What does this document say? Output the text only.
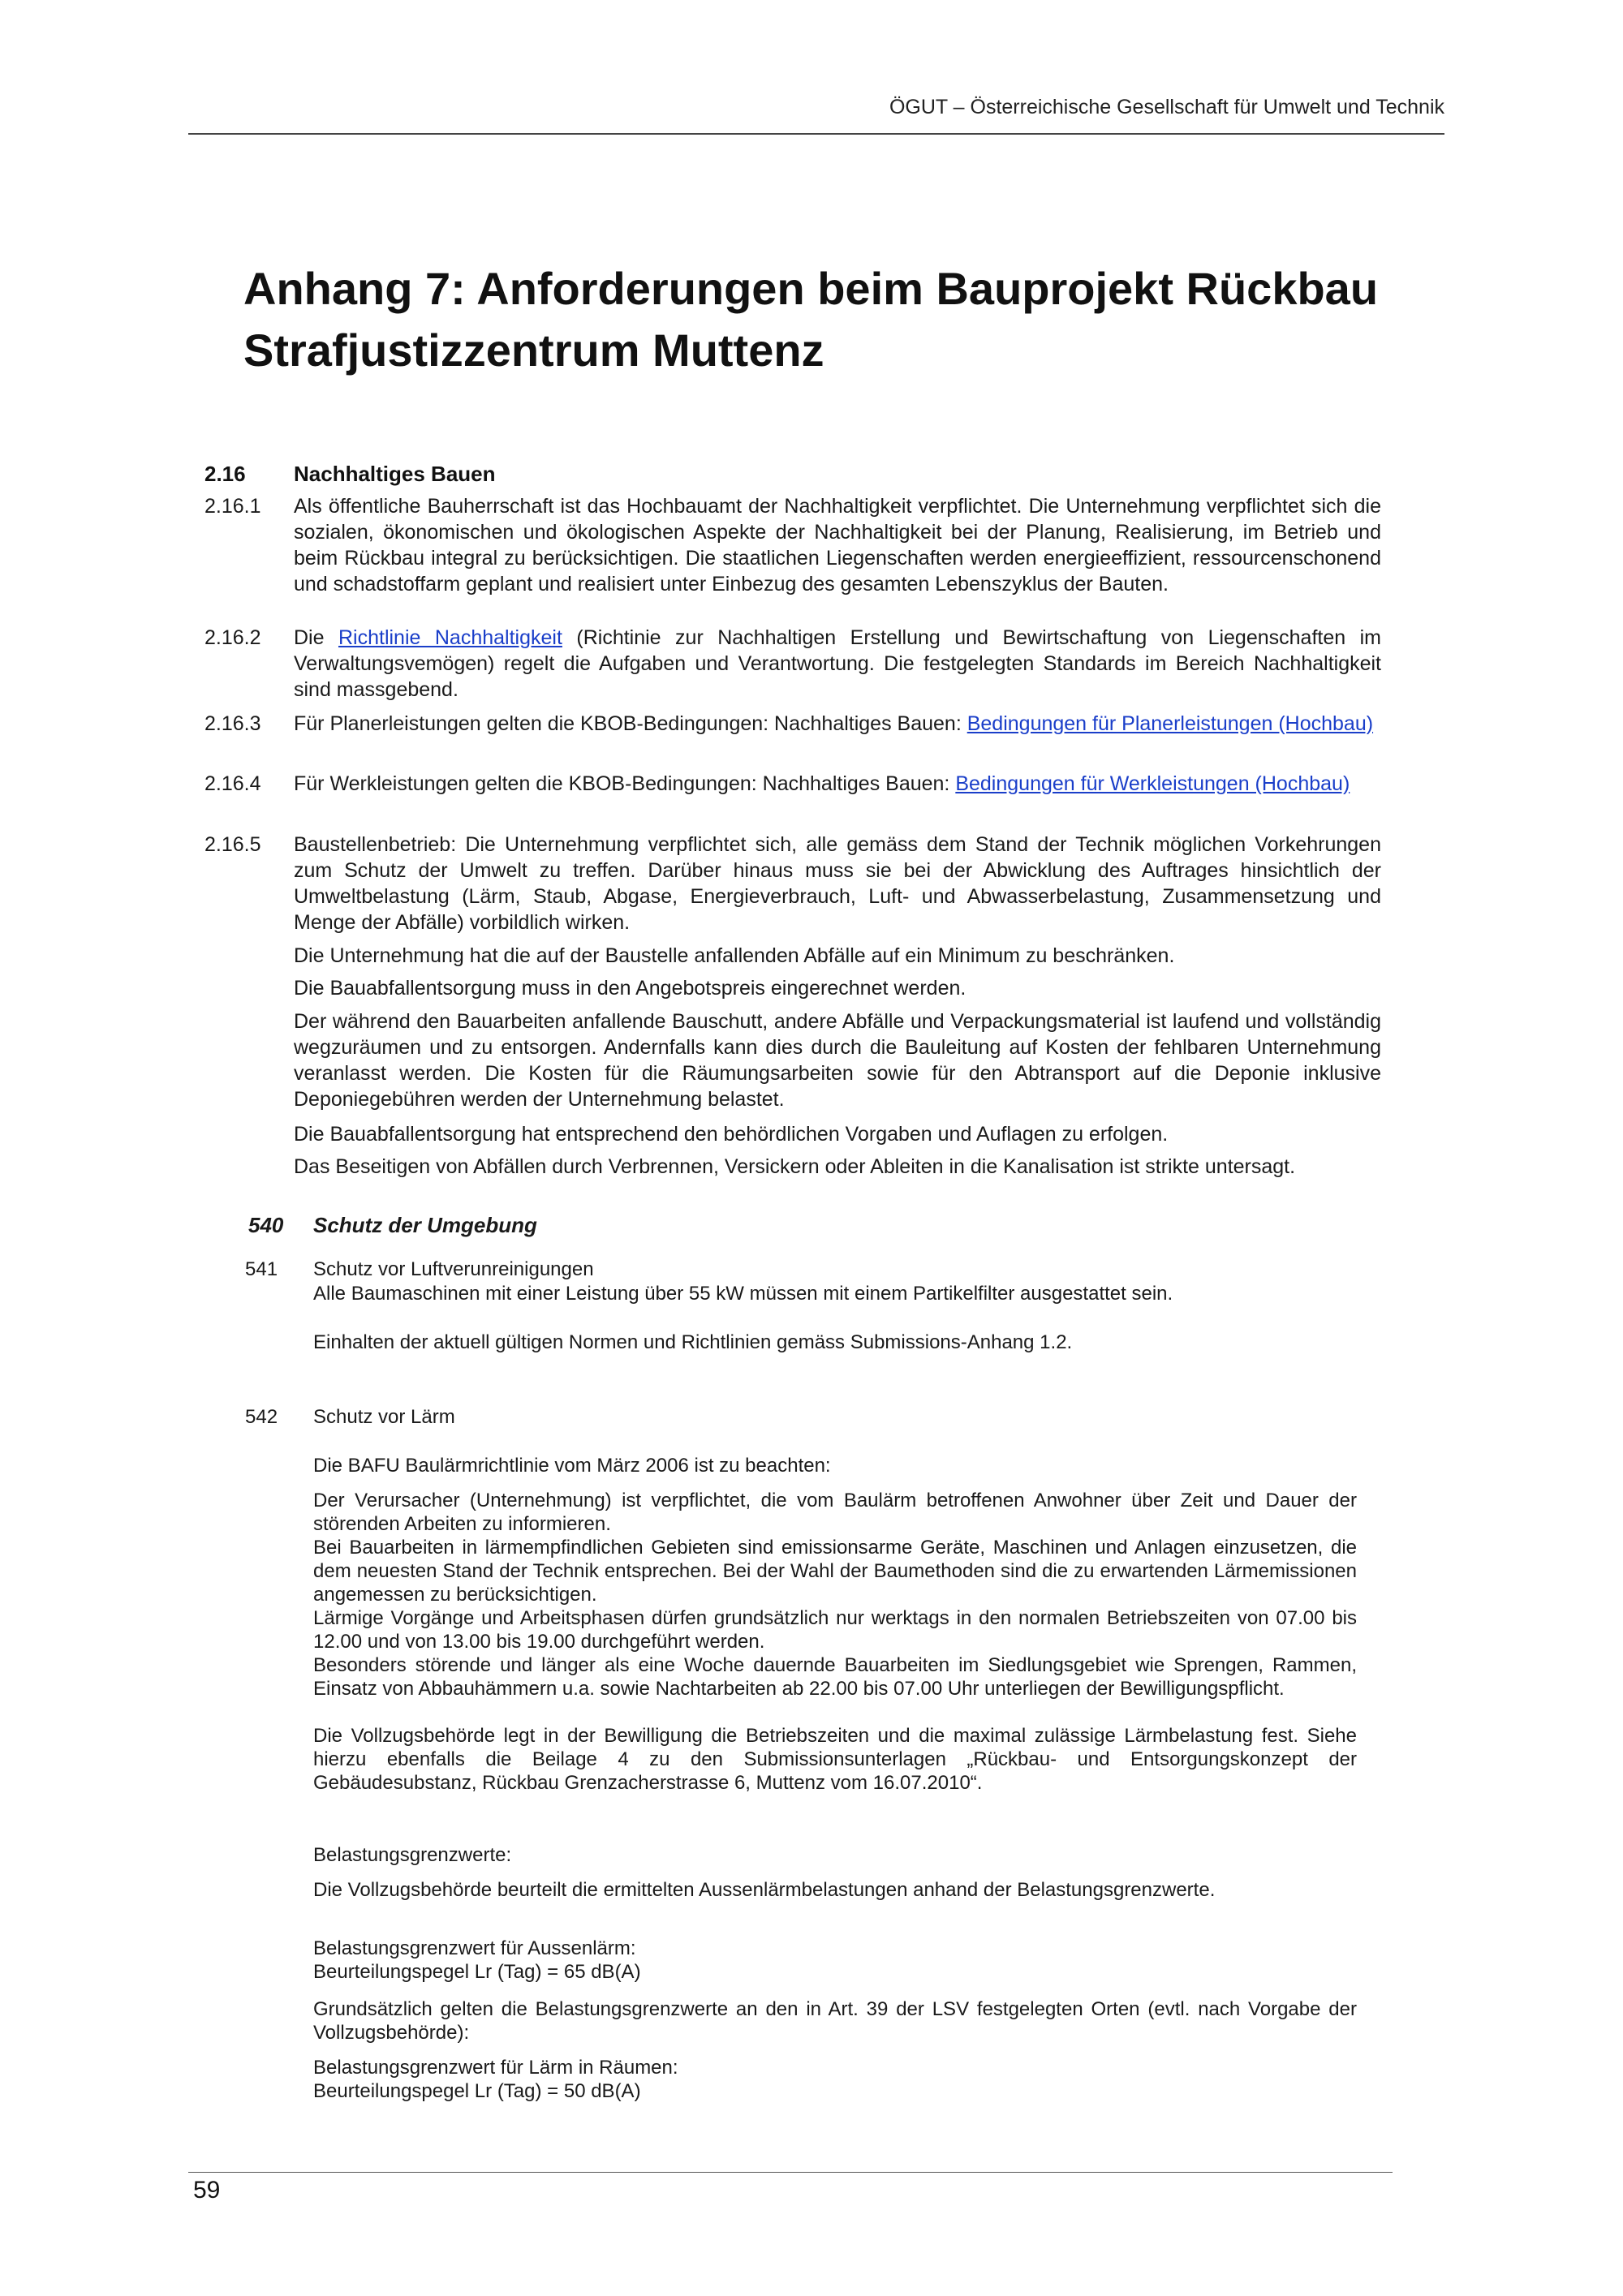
ÖGUT – Österreichische Gesellschaft für Umwelt und Technik
Anhang 7: Anforderungen beim Bauprojekt Rückbau
Strafjustizzentrum Muttenz
2.16 Nachhaltiges Bauen
2.16.1 Als öffentliche Bauherrschaft ist das Hochbauamt der Nachhaltigkeit verpflichtet. Die Unternehmung verpflichtet sich die sozialen, ökonomischen und ökologischen Aspekte der Nachhaltigkeit bei der Planung, Realisierung, im Betrieb und beim Rückbau integral zu berücksichtigen. Die staatlichen Liegenschaften werden energieeffizient, ressourcenschonend und schadstoffarm geplant und realisiert unter Einbezug des gesamten Lebenszyklus der Bauten.
2.16.2 Die Richtlinie Nachhaltigkeit (Richtinie zur Nachhaltigen Erstellung und Bewirtschaftung von Liegenschaften im Verwaltungsvemögen) regelt die Aufgaben und Verantwortung. Die festgelegten Standards im Bereich Nachhaltigkeit sind massgebend.
2.16.3 Für Planerleistungen gelten die KBOB-Bedingungen: Nachhaltiges Bauen: Bedingungen für Planerleistungen (Hochbau)
2.16.4 Für Werkleistungen gelten die KBOB-Bedingungen: Nachhaltiges Bauen: Bedingungen für Werkleistungen (Hochbau)
2.16.5 Baustellenbetrieb: Die Unternehmung verpflichtet sich, alle gemäss dem Stand der Technik möglichen Vorkehrungen zum Schutz der Umwelt zu treffen. Darüber hinaus muss sie bei der Abwicklung des Auftrages hinsichtlich der Umweltbelastung (Lärm, Staub, Abgase, Energieverbrauch, Luft- und Abwasserbelastung, Zusammensetzung und Menge der Abfälle) vorbildlich wirken.
Die Unternehmung hat die auf der Baustelle anfallenden Abfälle auf ein Minimum zu beschränken.
Die Bauabfallentsorgung muss in den Angebotspreis eingerechnet werden.
Der während den Bauarbeiten anfallende Bauschutt, andere Abfälle und Verpackungsmaterial ist laufend und vollständig wegzuräumen und zu entsorgen. Andernfalls kann dies durch die Bauleitung auf Kosten der fehlbaren Unternehmung veranlasst werden. Die Kosten für die Räumungsarbeiten sowie für den Abtransport auf die Deponie inklusive Deponiegebühren werden der Unternehmung belastet.
Die Bauabfallentsorgung hat entsprechend den behördlichen Vorgaben und Auflagen zu erfolgen.
Das Beseitigen von Abfällen durch Verbrennen, Versickern oder Ableiten in die Kanalisation ist strikte untersagt.
540 Schutz der Umgebung
541 Schutz vor Luftverunreinigungen
Alle Baumaschinen mit einer Leistung über 55 kW müssen mit einem Partikelfilter ausgestattet sein.
Einhalten der aktuell gültigen Normen und Richtlinien gemäss Submissions-Anhang 1.2.
542 Schutz vor Lärm
Die BAFU Baulärmrichtlinie vom März 2006 ist zu beachten:
Der Verursacher (Unternehmung) ist verpflichtet, die vom Baulärm betroffenen Anwohner über Zeit und Dauer der störenden Arbeiten zu informieren.
Bei Bauarbeiten in lärmempfindlichen Gebieten sind emissionsarme Geräte, Maschinen und Anlagen einzusetzen, die dem neuesten Stand der Technik entsprechen. Bei der Wahl der Baumethoden sind die zu erwartenden Lärmemissionen angemessen zu berücksichtigen.
Lärmige Vorgänge und Arbeitsphasen dürfen grundsätzlich nur werktags in den normalen Betriebszeiten von 07.00 bis 12.00 und von 13.00 bis 19.00 durchgeführt werden.
Besonders störende und länger als eine Woche dauernde Bauarbeiten im Siedlungsgebiet wie Sprengen, Rammen, Einsatz von Abbauhämmern u.a. sowie Nachtarbeiten ab 22.00 bis 07.00 Uhr unterliegen der Bewilligungspflicht.
Die Vollzugsbehörde legt in der Bewilligung die Betriebszeiten und die maximal zulässige Lärmbelastung fest. Siehe hierzu ebenfalls die Beilage 4 zu den Submissionsunterlagen „Rückbau- und Entsorgungskonzept der Gebäudesubstanz, Rückbau Grenzacherstrasse 6, Muttenz vom 16.07.2010“.
Belastungsgrenzwerte:
Die Vollzugsbehörde beurteilt die ermittelten Aussenlärmbelastungen anhand der Belastungsgrenzwerte.
Belastungsgrenzwert für Aussenlärm:
Beurteilungspegel Lr (Tag) = 65 dB(A)
Grundsätzlich gelten die Belastungsgrenzwerte an den in Art. 39 der LSV festgelegten Orten (evtl. nach Vorgabe der Vollzugsbehörde):
Belastungsgrenzwert für Lärm in Räumen:
Beurteilungspegel Lr (Tag) = 50 dB(A)
59
